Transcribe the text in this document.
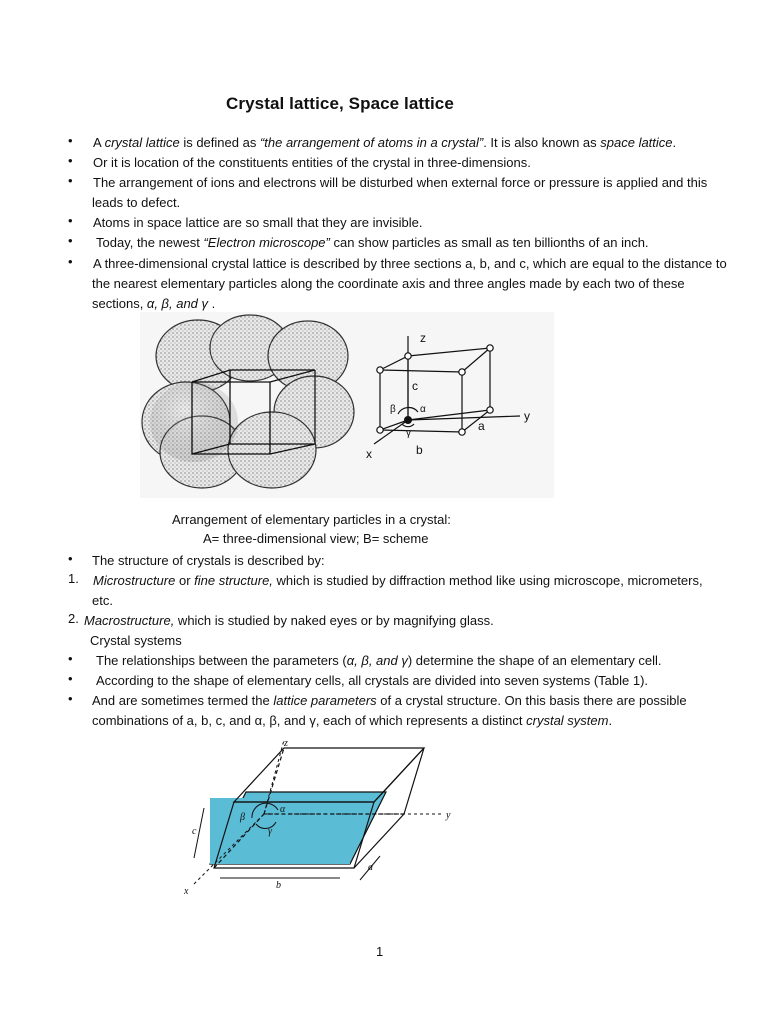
Crystal lattice, Space lattice
•	A crystal lattice is defined as “the arrangement of atoms in a crystal”. It is also known as space lattice.

•	Or it is location of the constituents entities of the crystal in three-dimensions.

•	The arrangement of ions and electrons will be disturbed when external force or pressure is applied and this

leads to defect.

•	Atoms in space lattice are so small that they are invisible.

•	Today, the newest “Electron microscope” can show particles as small as ten billionths of an inch.

•	A three-dimensional crystal lattice is described by three sections a, b, and c, which are equal to the distance to

the nearest elementary particles along the coordinate axis and three angles made by each two of these

sections, α, β, and γ .

z
y
x
a
b
c
α
β
γ

Arrangement of elementary particles in a crystal:

A= three-dimensional view; B= scheme

•	The structure of crystals is described by:

1. Microstructure or fine structure, which is studied by diffraction method like using microscope, micrometers,

etc.

2. Macrostructure, which is studied by naked eyes or by magnifying glass.

Crystal systems

•	The relationships between the parameters (α, β, and γ) determine the shape of an elementary cell.

•	According to the shape of elementary cells, all crystals are divided into seven systems (Table 1).

•	And are sometimes termed the lattice parameters of a crystal structure. On this basis there are possible

combinations of a, b, c, and α, β, and γ, each of which represents a distinct crystal system.

z
y
x
a
b
c
α
β
γ

1
